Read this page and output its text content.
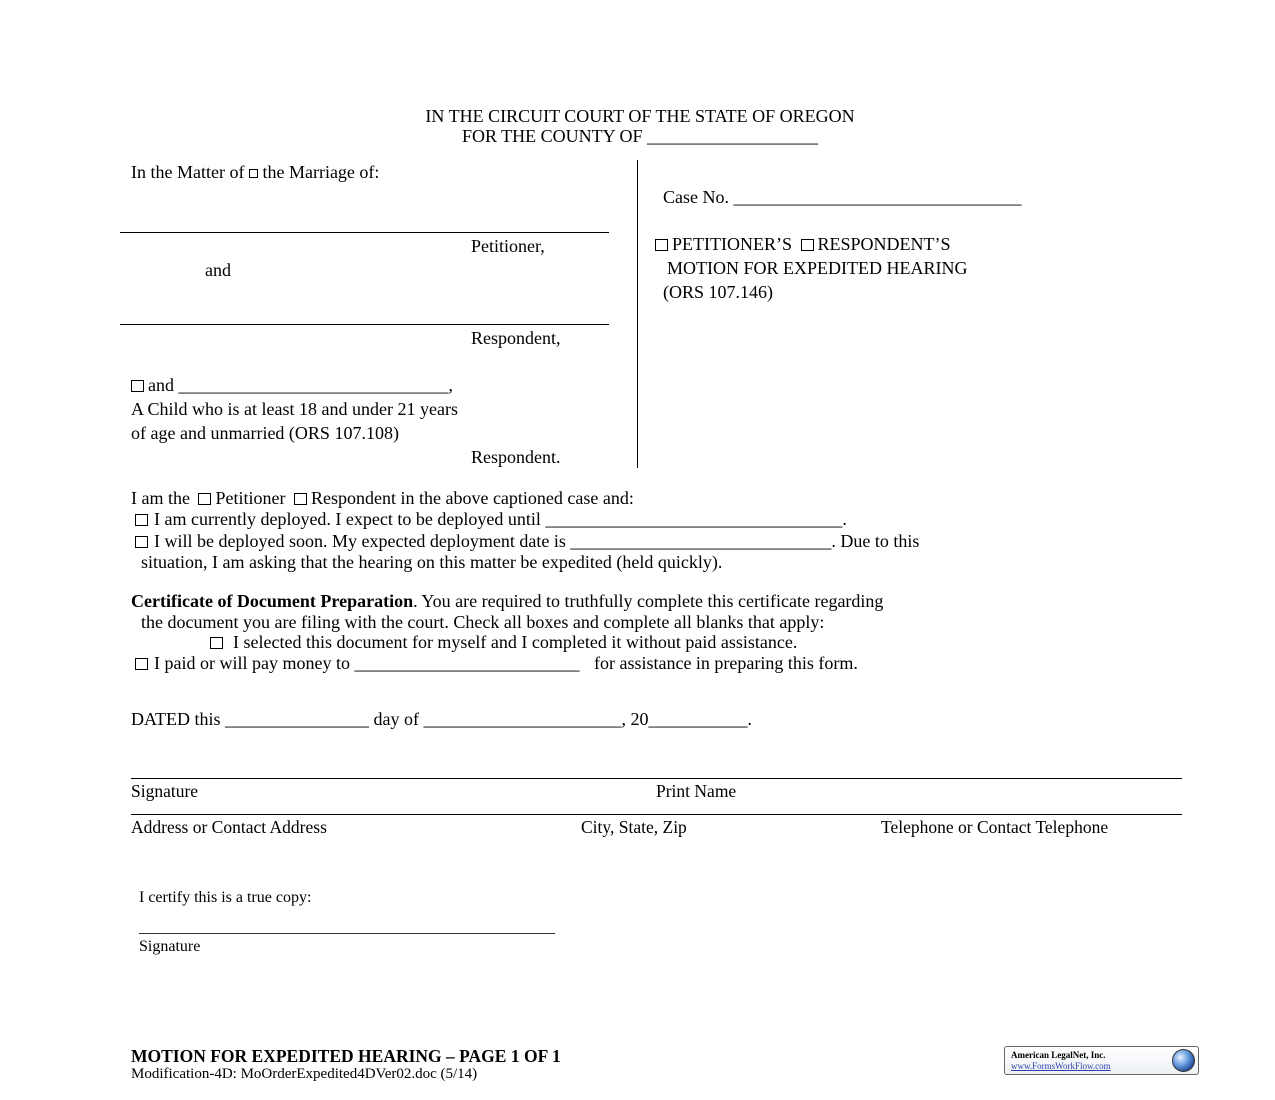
IN THE CIRCUIT COURT OF THE STATE OF OREGON
FOR THE COUNTY OF ___________________
In the Matter of the Marriage of:
Petitioner,
and
Respondent,
and ______________________________,
A Child who is at least 18 and under 21 years
of age and unmarried (ORS 107.108)
Respondent.
Case No. ________________________________
PETITIONER’S RESPONDENT’S
MOTION FOR EXPEDITED HEARING
(ORS 107.146)
I am the Petitioner Respondent in the above captioned case and:
I am currently deployed. I expect to be deployed until _________________________________.
I will be deployed soon. My expected deployment date is _____________________________. Due to this
situation, I am asking that the hearing on this matter be expedited (held quickly).
Certificate of Document Preparation. You are required to truthfully complete this certificate regarding
the document you are filing with the court. Check all boxes and complete all blanks that apply:
I selected this document for myself and I completed it without paid assistance.
I paid or will pay money to _________________________ for assistance in preparing this form.
DATED this ________________ day of ______________________, 20___________.
Signature	Print Name
Address or Contact Address	City, State, Zip	Telephone or Contact Telephone
I certify this is a true copy:
____________________________________________________
Signature
MOTION FOR EXPEDITED HEARING – PAGE 1 OF 1
Modification-4D: MoOrderExpedited4DVer02.doc (5/14)
American LegalNet, Inc.
www.FormsWorkFlow.com
